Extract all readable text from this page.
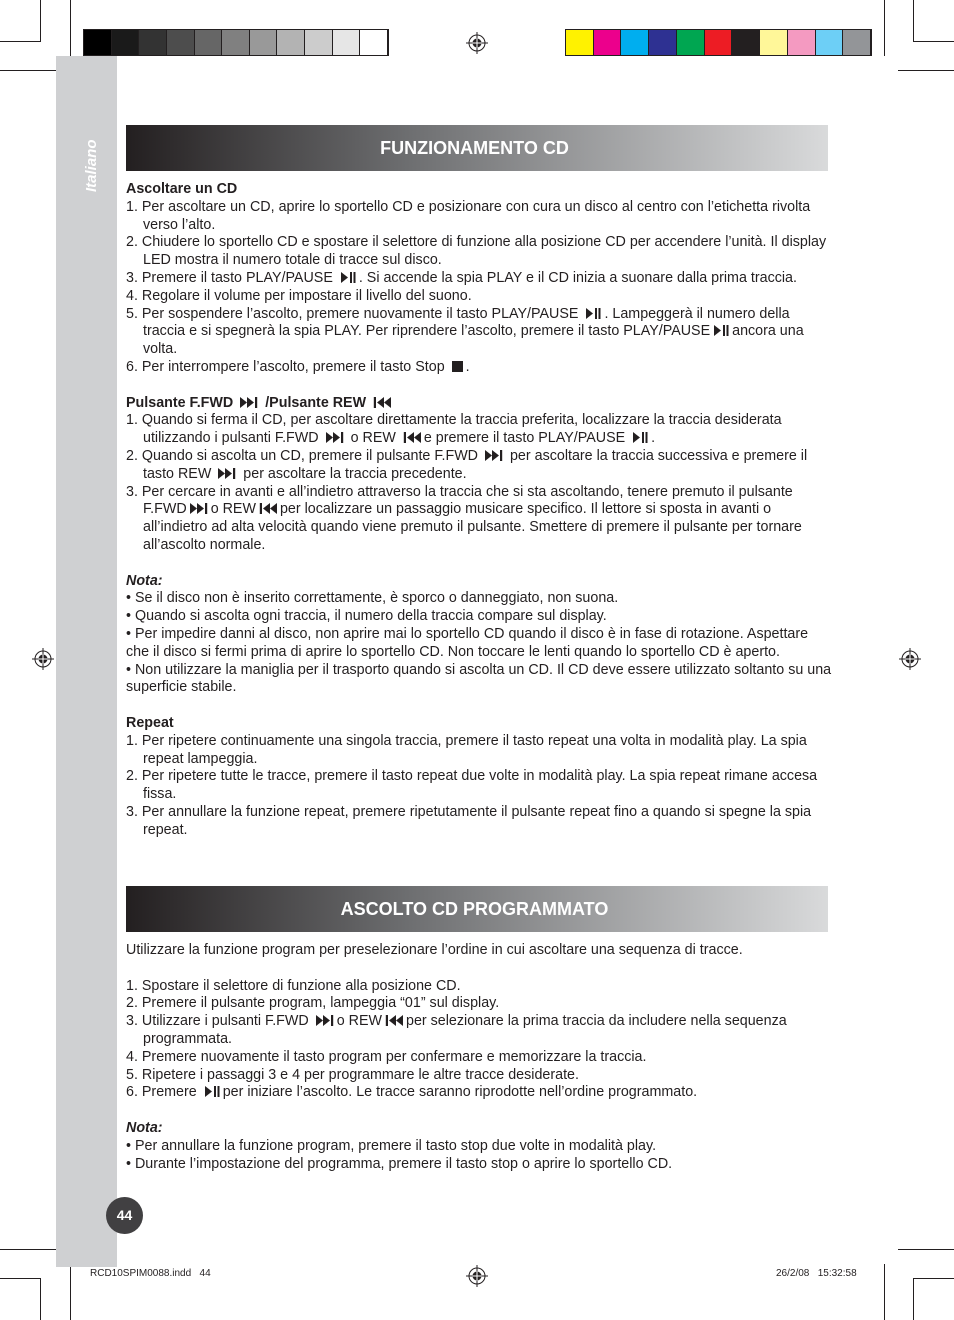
Italiano	FUNZIONAMENTO CD

Ascoltare un CD

1. Per ascoltare un CD, aprire lo sportello CD e posizionare con cura un disco al centro con l’etichetta rivolta verso l’alto.

2. Chiudere lo sportello CD e spostare il selettore di funzione alla posizione CD per accendere l’unità. Il display LED mostra il numero totale di tracce sul disco.

3. Premere il tasto PLAY/PAUSE . Si accende la spia PLAY e il CD inizia a suonare dalla prima traccia.

4. Regolare il volume per impostare il livello del suono.

5. Per sospendere l’ascolto, premere nuovamente il tasto PLAY/PAUSE . Lampeggerà il numero della traccia e si spegnerà la spia PLAY. Per riprendere l’ascolto, premere il tasto PLAY/PAUSE ancora una volta.

6. Per interrompere l’ascolto, premere il tasto Stop .

Pulsante F.FWD /Pulsante REW

1. Quando si ferma il CD, per ascoltare direttamente la traccia preferita, localizzare la traccia desiderata utilizzando i pulsanti F.FWD o REW e premere il tasto PLAY/PAUSE .

2. Quando si ascolta un CD, premere il pulsante F.FWD per ascoltare la traccia successiva e premere il tasto REW per ascoltare la traccia precedente.

3. Per cercare in avanti e all’indietro attraverso la traccia che si sta ascoltando, tenere premuto il pulsante F.FWD o REW per localizzare un passaggio musicare specifico. Il lettore si sposta in avanti o all’indietro ad alta velocità quando viene premuto il pulsante. Smettere di premere il pulsante per tornare all’ascolto normale.

Nota:

• Se il disco non è inserito correttamente, è sporco o danneggiato, non suona.

• Quando si ascolta ogni traccia, il numero della traccia compare sul display.

• Per impedire danni al disco, non aprire mai lo sportello CD quando il disco è in fase di rotazione. Aspettare che il disco si fermi prima di aprire lo sportello CD. Non toccare le lenti quando lo sportello CD è aperto.

• Non utilizzare la maniglia per il trasporto quando si ascolta un CD. Il CD deve essere utilizzato soltanto su una superficie stabile.

Repeat

1. Per ripetere continuamente una singola traccia, premere il tasto repeat una volta in modalità play. La spia repeat lampeggia.

2. Per ripetere tutte le tracce, premere il tasto repeat due volte in modalità play. La spia repeat rimane accesa fissa.

3. Per annullare la funzione repeat, premere ripetutamente il pulsante repeat fino a quando si spegne la spia repeat.

ASCOLTO CD PROGRAMMATO

Utilizzare la funzione program per preselezionare l’ordine in cui ascoltare una sequenza di tracce.

1. Spostare il selettore di funzione alla posizione CD.

2. Premere il pulsante program, lampeggia “01” sul display.

3. Utilizzare i pulsanti F.FWD o REW per selezionare la prima traccia da includere nella sequenza programmata.

4. Premere nuovamente il tasto program per confermare e memorizzare la traccia.

5. Ripetere i passaggi 3 e 4 per programmare le altre tracce desiderate.

6. Premere per iniziare l’ascolto. Le tracce saranno riprodotte nell’ordine programmato.

Nota:

• Per annullare la funzione program, premere il tasto stop due volte in modalità play.

• Durante l’impostazione del programma, premere il tasto stop o aprire lo sportello CD.

44
RCD10SPIM0088.indd   44	26/2/08   15:32:58
